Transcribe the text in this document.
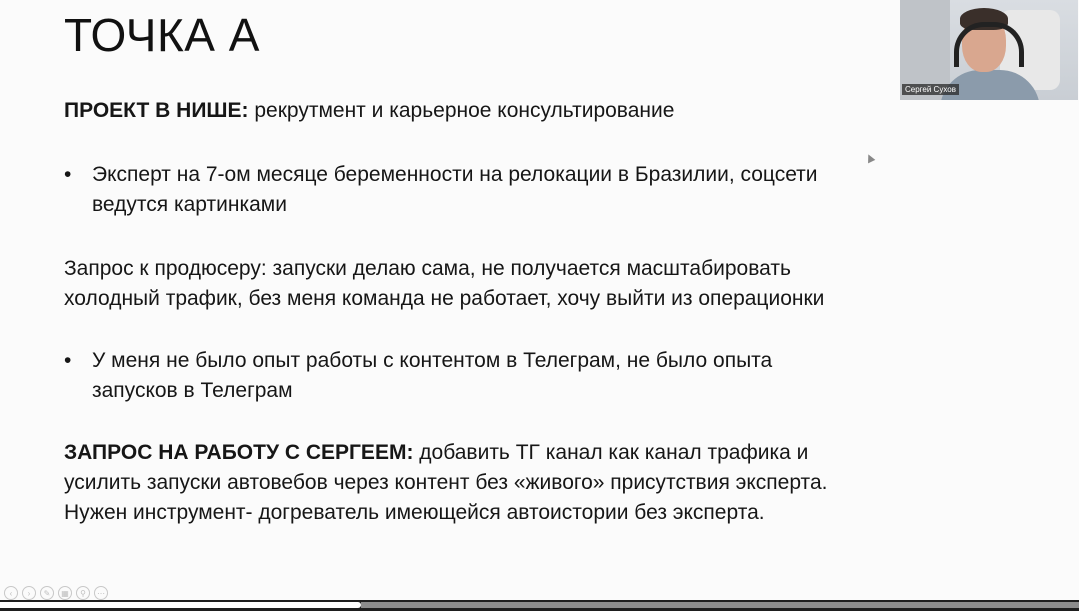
ТОЧКА А
ПРОЕКТ В НИШЕ: рекрутмент и карьерное консультирование
• Эксперт на 7-ом месяце беременности на релокации в Бразилии, соцсети
ведутся картинками
Запрос к продюсеру: запуски делаю сама, не получается масштабировать
холодный трафик, без меня команда не работает, хочу выйти из операционки
• У меня не было опыт работы с контентом в Телеграм, не было опыта
запусков в Телеграм
ЗАПРОС НА РАБОТУ С СЕРГЕЕМ: добавить ТГ канал как канал трафика и
усилить запуски автовебов через контент без «живого» присутствия эксперта.
Нужен инструмент- догреватель имеющейся автоистории без эксперта.
Сергей Сухов
‹	›	✎	▦	⚲	⋯
